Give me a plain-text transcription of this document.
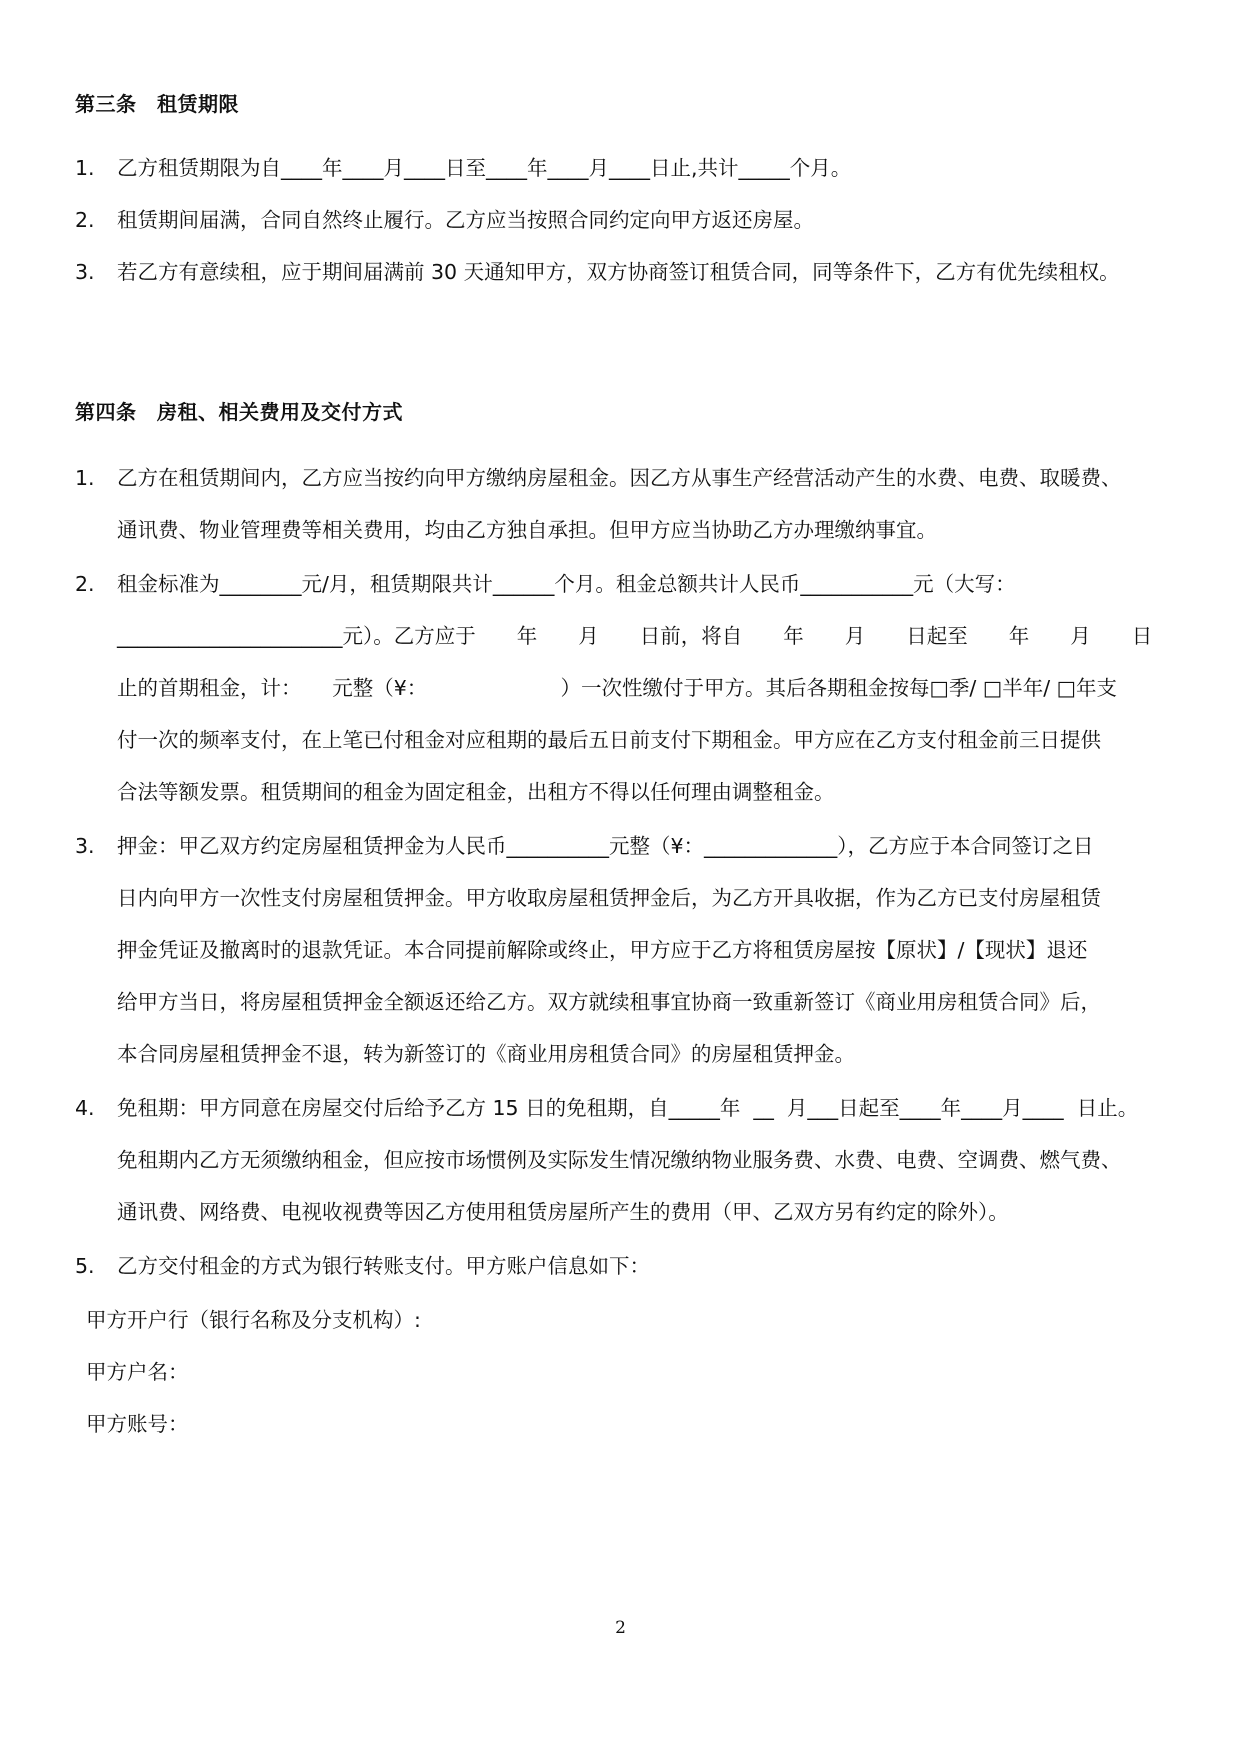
第三条　租赁期限
1. 乙方租赁期限为自____年____月____日至____年____月____日止,共计_____个月。
2. 租赁期间届满，合同自然终止履行。乙方应当按照合同约定向甲方返还房屋。
3. 若乙方有意续租，应于期间届满前 30 天通知甲方，双方协商签订租赁合同，同等条件下，乙方有优先续租权。
第四条　房租、相关费用及交付方式
1. 乙方在租赁期间内，乙方应当按约向甲方缴纳房屋租金。因乙方从事生产经营活动产生的水费、电费、取暖费、
通讯费、物业管理费等相关费用，均由乙方独自承担。但甲方应当协助乙方办理缴纳事宜。
2. 租金标准为________元/月，租赁期限共计______个月。租金总额共计人民币___________元（大写：
______________________元）。乙方应于　　年　　月　　日前，将自　　年　　月　　日起至　　年　　月　　日
止的首期租金，计：　　元整（¥：　　　　　　　）一次性缴付于甲方。其后各期租金按每□季/ □半年/ □年支
付一次的频率支付，在上笔已付租金对应租期的最后五日前支付下期租金。甲方应在乙方支付租金前三日提供
合法等额发票。租赁期间的租金为固定租金，出租方不得以任何理由调整租金。
3. 押金：甲乙双方约定房屋租赁押金为人民币__________元整（¥：_____________），乙方应于本合同签订之日
日内向甲方一次性支付房屋租赁押金。甲方收取房屋租赁押金后，为乙方开具收据，作为乙方已支付房屋租赁
押金凭证及撤离时的退款凭证。本合同提前解除或终止，甲方应于乙方将租赁房屋按【原状】/【现状】退还
给甲方当日，将房屋租赁押金全额返还给乙方。双方就续租事宜协商一致重新签订《商业用房租赁合同》后，
本合同房屋租赁押金不退，转为新签订的《商业用房租赁合同》的房屋租赁押金。
4. 免租期：甲方同意在房屋交付后给予乙方 15 日的免租期，自_____年  __  月___日起至____年____月____  日止。
免租期内乙方无须缴纳租金，但应按市场惯例及实际发生情况缴纳物业服务费、水费、电费、空调费、燃气费、
通讯费、网络费、电视收视费等因乙方使用租赁房屋所产生的费用（甲、乙双方另有约定的除外）。
5. 乙方交付租金的方式为银行转账支付。甲方账户信息如下：
甲方开户行（银行名称及分支机构）:
甲方户名：
甲方账号：
2
